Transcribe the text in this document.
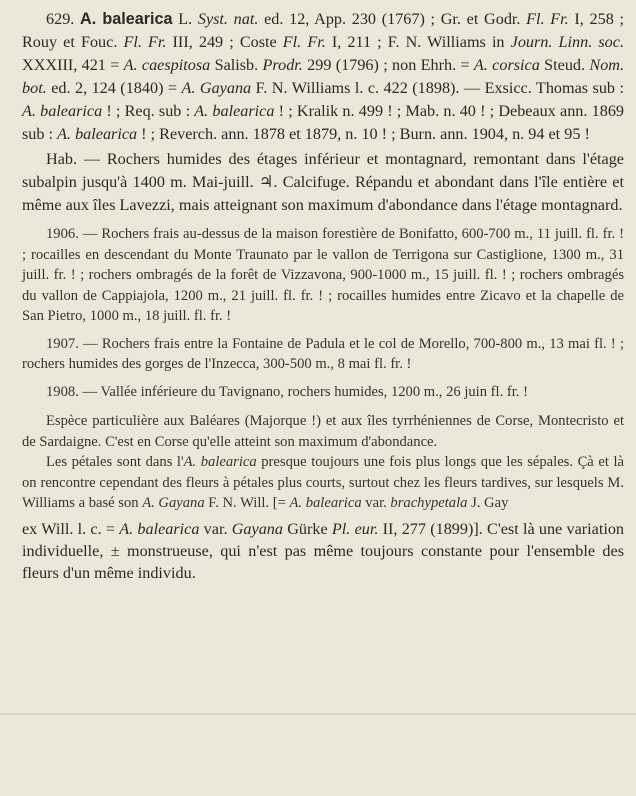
629. A. balearica L. Syst. nat. ed. 12, App. 230 (1767) ; Gr. et Godr. Fl. Fr. I, 258 ; Rouy et Fouc. Fl. Fr. III, 249 ; Coste Fl. Fr. I, 211 ; F. N. Williams in Journ. Linn. soc. XXXIII, 421 = A. caespitosa Salisb. Prodr. 299 (1796) ; non Ehrh. = A. corsica Steud. Nom. bot. ed. 2, 124 (1840) = A. Gayana F. N. Williams l. c. 422 (1898). — Exsicc. Thomas sub : A. balearica ! ; Req. sub : A. balearica ! ; Kralik n. 499 ! ; Mab. n. 40 ! ; Debeaux ann. 1869 sub : A. balearica ! ; Reverch. ann. 1878 et 1879, n. 10 ! ; Burn. ann. 1904, n. 94 et 95 !

Hab. — Rochers humides des étages inférieur et montagnard, remontant dans l'étage subalpin jusqu'à 1400 m. Mai-juill. ♃. Calcifuge. Répandu et abondant dans l'île entière et même aux îles Lavezzi, mais atteignant son maximum d'abondance dans l'étage montagnard.

1906. — Rochers frais au-dessus de la maison forestière de Bonifatto, 600-700 m., 11 juill. fl. fr. ! ; rocailles en descendant du Monte Traunato par le vallon de Terrigona sur Castiglione, 1300 m., 31 juill. fr. ! ; rochers ombragés de la forêt de Vizzavona, 900-1000 m., 15 juill. fl. ! ; rochers ombragés du vallon de Cappiajola, 1200 m., 21 juill. fl. fr. ! ; rocailles humides entre Zicavo et la chapelle de San Pietro, 1000 m., 18 juill. fl. fr. !

1907. — Rochers frais entre la Fontaine de Padula et le col de Morello, 700-800 m., 13 mai fl. ! ; rochers humides des gorges de l'Inzecca, 300-500 m., 8 mai fl. fr. !

1908. — Vallée inférieure du Tavignano, rochers humides, 1200 m., 26 juin fl. fr. !

Espèce particulière aux Baléares (Majorque !) et aux îles tyrrhéniennes de Corse, Montecristo et de Sardaigne. C'est en Corse qu'elle atteint son maximum d'abondance.

Les pétales sont dans l'A. balearica presque toujours une fois plus longs que les sépales. Çà et là on rencontre cependant des fleurs à pétales plus courts, surtout chez les fleurs tardives, sur lesquels M. Williams a basé son A. Gayana F. N. Will. [= A. balearica var. brachypetala J. Gay

ex Will. l. c. = A. balearica var. Gayana Gürke Pl. eur. II, 277 (1899)]. C'est là une variation individuelle, ± monstrueuse, qui n'est pas même toujours constante pour l'ensemble des fleurs d'un même individu.
